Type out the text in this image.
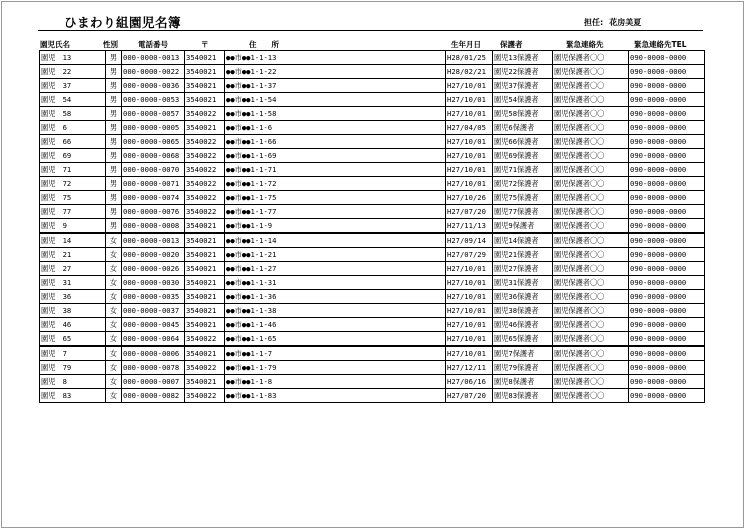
ひまわり組園児名簿	担任: 花房美夏
園児氏名	性別	電話番号	〒	住　　所	生年月日	保護者	緊急連絡先	緊急連絡先TEL
園児　13	男	000-0000-0013	3540021	●●市●●1-1-13	H28/01/25	園児13保護者	園児保護者〇〇	090-0000-0000
園児　22	男	000-0000-0022	3540021	●●市●●1-1-22	H28/02/21	園児22保護者	園児保護者〇〇	090-0000-0000
園児　37	男	000-0000-0036	3540021	●●市●●1-1-37	H27/10/01	園児37保護者	園児保護者〇〇	090-0000-0000
園児　54	男	000-0000-0053	3540021	●●市●●1-1-54	H27/10/01	園児54保護者	園児保護者〇〇	090-0000-0000
園児　58	男	000-0000-0057	3540022	●●市●●1-1-58	H27/10/01	園児58保護者	園児保護者〇〇	090-0000-0000
園児　6	男	000-0000-0005	3540021	●●市●●1-1-6	H27/04/05	園児6保護者	園児保護者〇〇	090-0000-0000
園児　66	男	000-0000-0065	3540022	●●市●●1-1-66	H27/10/01	園児66保護者	園児保護者〇〇	090-0000-0000
園児　69	男	000-0000-0068	3540022	●●市●●1-1-69	H27/10/01	園児69保護者	園児保護者〇〇	090-0000-0000
園児　71	男	000-0000-0070	3540022	●●市●●1-1-71	H27/10/01	園児71保護者	園児保護者〇〇	090-0000-0000
園児　72	男	000-0000-0071	3540022	●●市●●1-1-72	H27/10/01	園児72保護者	園児保護者〇〇	090-0000-0000
園児　75	男	000-0000-0074	3540022	●●市●●1-1-75	H27/10/26	園児75保護者	園児保護者〇〇	090-0000-0000
園児　77	男	000-0000-0076	3540022	●●市●●1-1-77	H27/07/20	園児77保護者	園児保護者〇〇	090-0000-0000
園児　9	男	000-0000-0008	3540021	●●市●●1-1-9	H27/11/13	園児9保護者	園児保護者〇〇	090-0000-0000
園児　14	女	000-0000-0013	3540021	●●市●●1-1-14	H27/09/14	園児14保護者	園児保護者〇〇	090-0000-0000
園児　21	女	000-0000-0020	3540021	●●市●●1-1-21	H27/07/29	園児21保護者	園児保護者〇〇	090-0000-0000
園児　27	女	000-0000-0026	3540021	●●市●●1-1-27	H27/10/01	園児27保護者	園児保護者〇〇	090-0000-0000
園児　31	女	000-0000-0030	3540021	●●市●●1-1-31	H27/10/01	園児31保護者	園児保護者〇〇	090-0000-0000
園児　36	女	000-0000-0035	3540021	●●市●●1-1-36	H27/10/01	園児36保護者	園児保護者〇〇	090-0000-0000
園児　38	女	000-0000-0037	3540021	●●市●●1-1-38	H27/10/01	園児38保護者	園児保護者〇〇	090-0000-0000
園児　46	女	000-0000-0045	3540021	●●市●●1-1-46	H27/10/01	園児46保護者	園児保護者〇〇	090-0000-0000
園児　65	女	000-0000-0064	3540022	●●市●●1-1-65	H27/10/01	園児65保護者	園児保護者〇〇	090-0000-0000
園児　7	女	000-0000-0006	3540021	●●市●●1-1-7	H27/10/01	園児7保護者	園児保護者〇〇	090-0000-0000
園児　79	女	000-0000-0078	3540022	●●市●●1-1-79	H27/12/11	園児79保護者	園児保護者〇〇	090-0000-0000
園児　8	女	000-0000-0007	3540021	●●市●●1-1-8	H27/06/16	園児8保護者	園児保護者〇〇	090-0000-0000
園児　83	女	000-0000-0082	3540022	●●市●●1-1-83	H27/07/20	園児83保護者	園児保護者〇〇	090-0000-0000
